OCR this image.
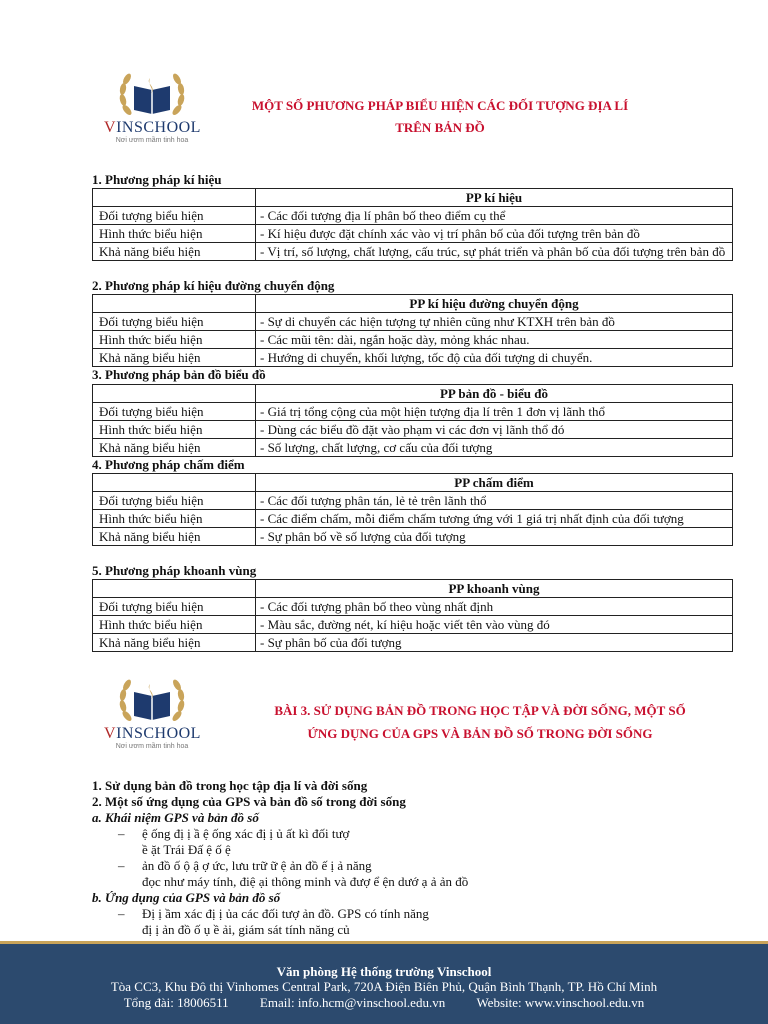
VINSCHOOL
Nơi ươm mầm tinh hoa
MỘT SỐ PHƯƠNG PHÁP BIỂU HIỆN CÁC ĐỐI TƯỢNG ĐỊA LÍ
TRÊN BẢN ĐỒ
1. Phương pháp kí hiệu
	PP kí hiệu
Đối tượng biểu hiện	- Các đối tượng địa lí phân bố theo điểm cụ thể
Hình thức biểu hiện	- Kí hiệu được đặt chính xác vào vị trí phân bố của đối tượng trên bản đồ
Khả năng biểu hiện	- Vị trí, số lượng, chất lượng, cấu trúc, sự phát triển và phân bố của đối tượng trên bản đồ
2. Phương pháp kí hiệu đường chuyển động
	PP kí hiệu đường chuyển động
Đối tượng biểu hiện	- Sự di chuyển các hiện tượng tự nhiên cũng như KTXH trên bản đồ
Hình thức biểu hiện	- Các mũi tên: dài, ngắn hoặc dày, mỏng khác nhau.
Khả năng biểu hiện	- Hướng di chuyển, khối lượng, tốc độ của đối tượng di chuyển.
3. Phương pháp bản đồ biểu đồ
	PP bản đồ - biểu đồ
Đối tượng biểu hiện	- Giá trị tổng cộng của một hiện tượng địa lí trên 1 đơn vị lãnh thổ
Hình thức biểu hiện	- Dùng các biểu đồ đặt vào phạm vi các đơn vị lãnh thổ đó
Khả năng biểu hiện	- Số lượng, chất lượng, cơ cấu của đối tượng
4. Phương pháp chấm điểm
	PP chấm điểm
Đối tượng biểu hiện	- Các đối tượng phân tán, lẻ tẻ trên lãnh thổ
Hình thức biểu hiện	- Các điểm chấm, mỗi điểm chấm tương ứng với 1 giá trị nhất định của đối tượng
Khả năng biểu hiện	- Sự phân bố về số lượng của đối tượng
5. Phương pháp khoanh vùng
	PP khoanh vùng
Đối tượng biểu hiện	- Các đối tượng phân bố theo vùng nhất định
Hình thức biểu hiện	- Màu sắc, đường nét, kí hiệu hoặc viết tên vào vùng đó
Khả năng biểu hiện	- Sự phân bố của đối tượng
VINSCHOOL
Nơi ươm mầm tinh hoa
BÀI 3. SỬ DỤNG BẢN ĐỒ TRONG HỌC TẬP VÀ ĐỜI SỐNG, MỘT SỐ
ỨNG DỤNG CỦA GPS VÀ BẢN ĐỒ SỐ TRONG ĐỜI SỐNG
1. Sử dụng bản đồ trong học tập địa lí và đời sống
2. Một số ứng dụng của GPS và bản đồ số trong đời sống
a. Khái niệm GPS và bản đồ số
– ệ ống đị ị ầ ệ ống xác đị ị ủ ất kì đối tượ
ề ặt Trái Đấ ệ ố ệ
– ản đồ ố ộ ậ ợ ức, lưu trữ ữ ệ ản đồ ế ị ả năng
đọc như máy tính, điệ ại thông minh và đượ ể ện dướ ạ ả ản đồ
b. Ứng dụng của GPS và bản đồ số
– Đị ị ầm xác đị ị ủa các đối tượ ản đồ. GPS có tính năng
đị ị ản đồ ố ụ ề ải, giám sát tính năng củ
Văn phòng Hệ thống trường Vinschool
Tòa CC3, Khu Đô thị Vinhomes Central Park, 720A Điện Biên Phủ, Quận Bình Thạnh, TP. Hồ Chí Minh
Tổng đài: 18006511 Email: info.hcm@vinschool.edu.vn Website: www.vinschool.edu.vn
